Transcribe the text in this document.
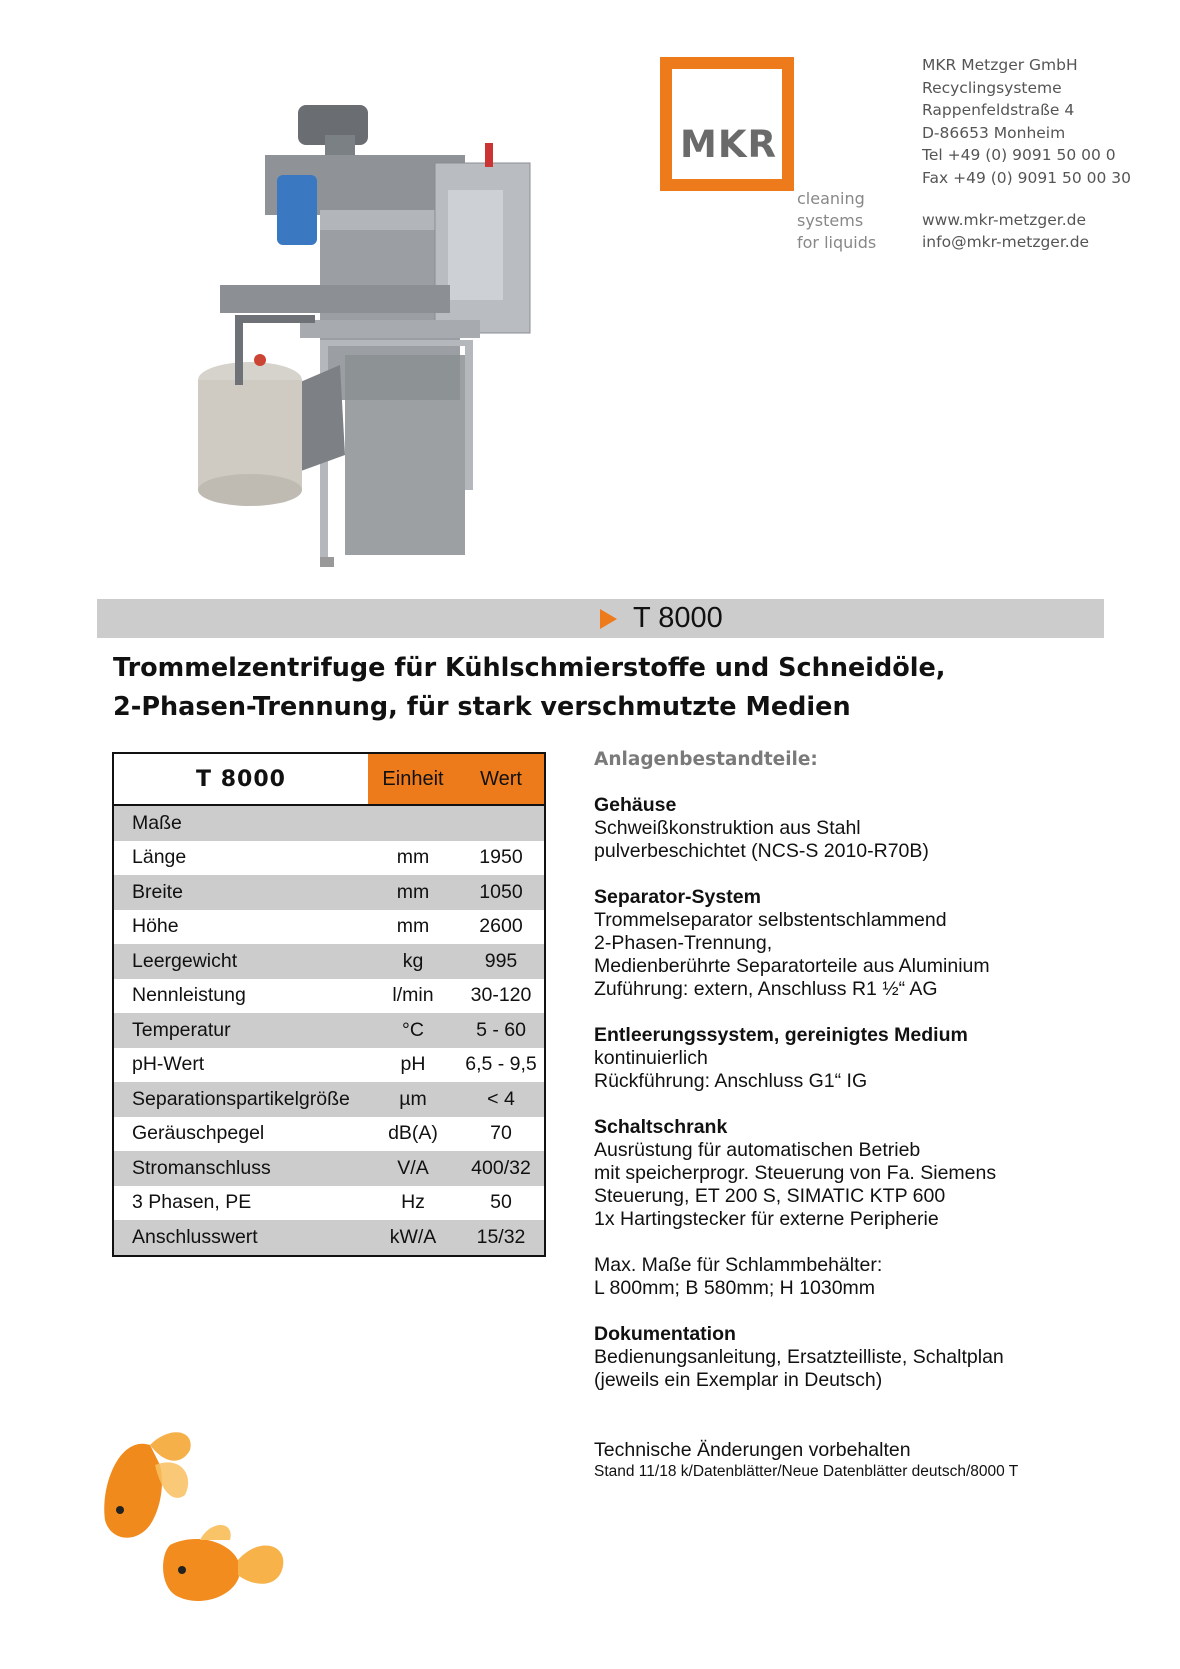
MKR
cleaning
systems
for liquids
MKR Metzger GmbH
Recyclingsysteme
Rappenfeldstraße 4
D-86653 Monheim
Tel +49 (0) 9091 50 00 0
Fax +49 (0) 9091 50 00 30
www.mkr-metzger.de
info@mkr-metzger.de
T 8000
Trommelzentrifuge für Kühlschmierstoffe und Schneidöle,
2-Phasen-Trennung, für stark verschmutzte Medien
T 8000	Einheit	Wert
Maße
Länge	mm	1950
Breite	mm	1050
Höhe	mm	2600
Leergewicht	kg	995
Nennleistung	l/min	30-120
Temperatur	°C	5 - 60
pH-Wert	pH	6,5 - 9,5
Separationspartikelgröße	µm	< 4
Geräuschpegel	dB(A)	70
Stromanschluss	V/A	400/32
3 Phasen, PE	Hz	50
Anschlusswert	kW/A	15/32
Anlagenbestandteile:
Gehäuse
Schweißkonstruktion aus Stahl
pulverbeschichtet (NCS-S 2010-R70B)
Separator-System
Trommelseparator selbstentschlammend
2-Phasen-Trennung,
Medienberührte Separatorteile aus Aluminium
Zuführung: extern, Anschluss R1 ½“ AG
Entleerungssystem, gereinigtes Medium
kontinuierlich
Rückführung: Anschluss G1“ IG
Schaltschrank
Ausrüstung für automatischen Betrieb
mit speicherprogr. Steuerung von Fa. Siemens
Steuerung, ET 200 S, SIMATIC KTP 600
1x Hartingstecker für externe Peripherie
Max. Maße für Schlammbehälter:
L 800mm; B 580mm; H 1030mm
Dokumentation
Bedienungsanleitung, Ersatzteilliste, Schaltplan
(jeweils ein Exemplar in Deutsch)
Technische Änderungen vorbehalten
Stand 11/18 k/Datenblätter/Neue Datenblätter deutsch/8000 T
